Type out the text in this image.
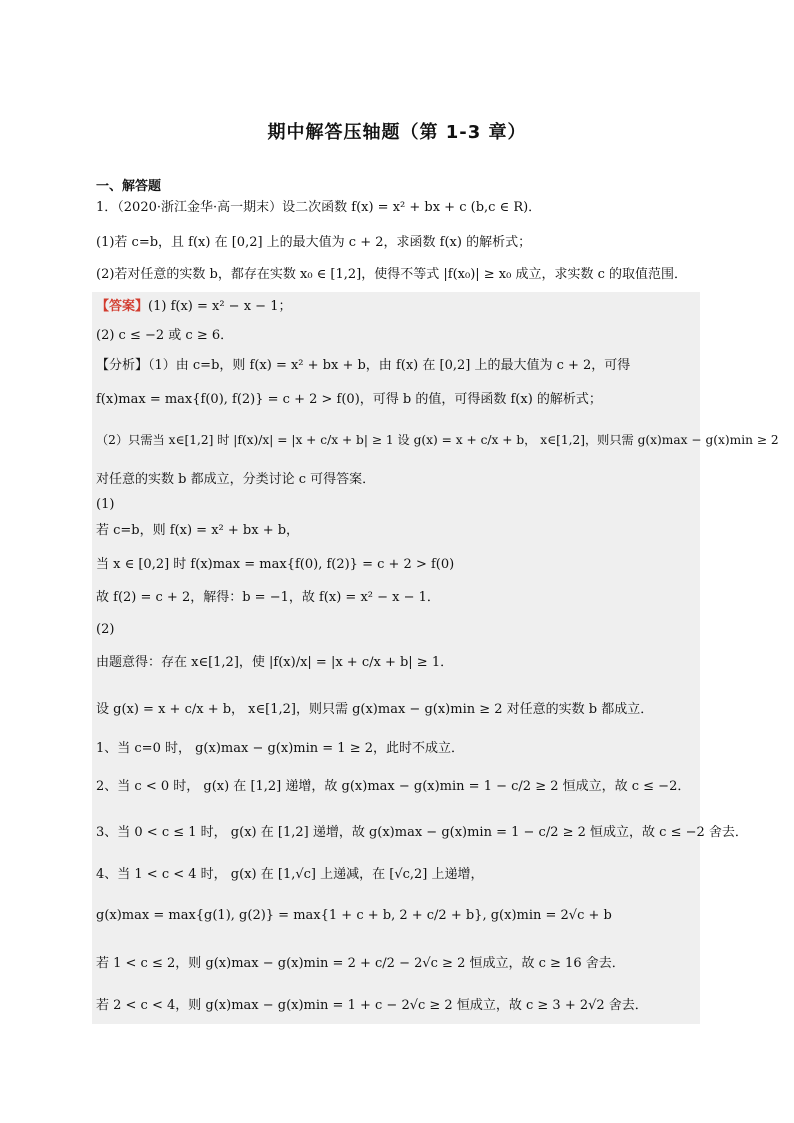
期中解答压轴题（第 1-3 章）
一、解答题
1．（2020·浙江金华·高一期末）设二次函数 f(x) = x² + bx + c (b,c ∈ R)．
(1)若 c=b，且 f(x) 在 [0,2] 上的最大值为 c + 2，求函数 f(x) 的解析式；
(2)若对任意的实数 b，都存在实数 x₀ ∈ [1,2]，使得不等式 |f(x₀)| ≥ x₀ 成立，求实数 c 的取值范围．
【答案】(1) f(x) = x² − x − 1；
(2) c ≤ −2 或 c ≥ 6．
【分析】（1）由 c=b，则 f(x) = x² + bx + b，由 f(x) 在 [0,2] 上的最大值为 c + 2，可得
f(x)max = max{f(0), f(2)} = c + 2 > f(0)，可得 b 的值，可得函数 f(x) 的解析式；
（2）只需当 x∈[1,2] 时 |f(x)/x| = |x + c/x + b| ≥ 1 设 g(x) = x + c/x + b， x∈[1,2]，则只需 g(x)max − g(x)min ≥ 2
对任意的实数 b 都成立，分类讨论 c 可得答案．
(1)
若 c=b，则 f(x) = x² + bx + b，
当 x ∈ [0,2] 时 f(x)max = max{f(0), f(2)} = c + 2 > f(0)
故 f(2) = c + 2，解得：b = −1，故 f(x) = x² − x − 1．
(2)
由题意得：存在 x∈[1,2]，使 |f(x)/x| = |x + c/x + b| ≥ 1．
设 g(x) = x + c/x + b， x∈[1,2]，则只需 g(x)max − g(x)min ≥ 2 对任意的实数 b 都成立．
1、当 c=0 时， g(x)max − g(x)min = 1 ≥ 2，此时不成立．
2、当 c < 0 时， g(x) 在 [1,2] 递增，故 g(x)max − g(x)min = 1 − c/2 ≥ 2 恒成立，故 c ≤ −2．
3、当 0 < c ≤ 1 时， g(x) 在 [1,2] 递增，故 g(x)max − g(x)min = 1 − c/2 ≥ 2 恒成立，故 c ≤ −2 舍去．
4、当 1 < c < 4 时， g(x) 在 [1,√c] 上递减，在 [√c,2] 上递增，
g(x)max = max{g(1), g(2)} = max{1 + c + b, 2 + c/2 + b}, g(x)min = 2√c + b
若 1 < c ≤ 2，则 g(x)max − g(x)min = 2 + c/2 − 2√c ≥ 2 恒成立，故 c ≥ 16 舍去．
若 2 < c < 4，则 g(x)max − g(x)min = 1 + c − 2√c ≥ 2 恒成立，故 c ≥ 3 + 2√2 舍去．
